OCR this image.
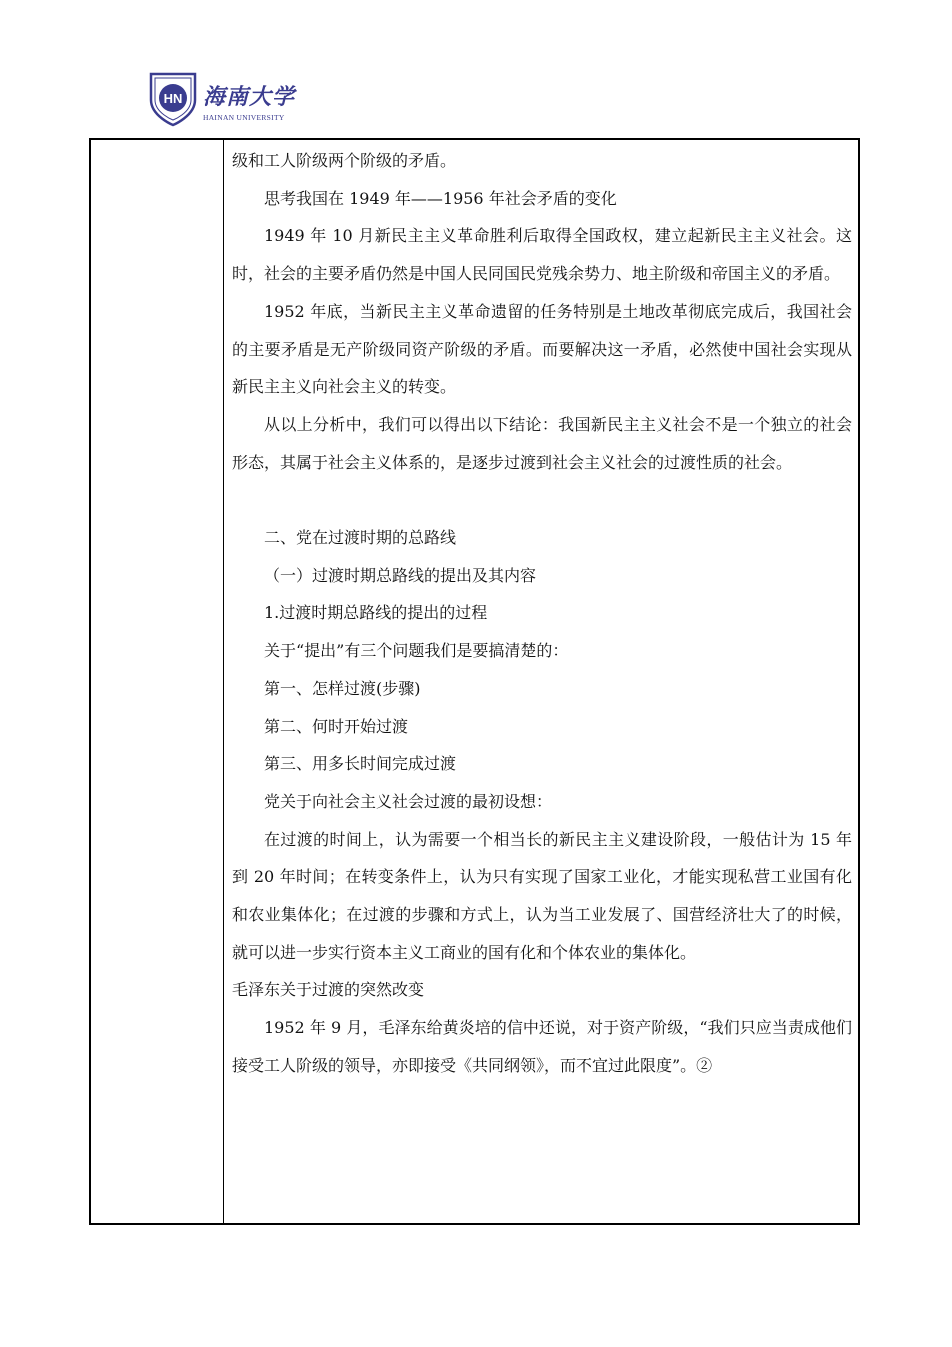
HN 海南大学
HAINAN UNIVERSITY

级和工人阶级两个阶级的矛盾。

思考我国在 1949 年——1956 年社会矛盾的变化

1949 年 10 月新民主主义革命胜利后取得全国政权，建立起新民主主义社会。这时，社会的主要矛盾仍然是中国人民同国民党残余势力、地主阶级和帝国主义的矛盾。

1952 年底，当新民主主义革命遗留的任务特别是土地改革彻底完成后，我国社会的主要矛盾是无产阶级同资产阶级的矛盾。而要解决这一矛盾，必然使中国社会实现从新民主主义向社会主义的转变。

从以上分析中，我们可以得出以下结论：我国新民主主义社会不是一个独立的社会形态，其属于社会主义体系的，是逐步过渡到社会主义社会的过渡性质的社会。

二、党在过渡时期的总路线

（一）过渡时期总路线的提出及其内容

1.过渡时期总路线的提出的过程

关于“提出”有三个问题我们是要搞清楚的：

第一、怎样过渡(步骤)

第二、何时开始过渡

第三、用多长时间完成过渡

党关于向社会主义社会过渡的最初设想：

在过渡的时间上，认为需要一个相当长的新民主主义建设阶段，一般估计为 15 年到 20 年时间；在转变条件上，认为只有实现了国家工业化，才能实现私营工业国有化和农业集体化；在过渡的步骤和方式上，认为当工业发展了、国营经济壮大了的时候，就可以进一步实行资本主义工商业的国有化和个体农业的集体化。

毛泽东关于过渡的突然改变

1952 年 9 月，毛泽东给黄炎培的信中还说，对于资产阶级，“我们只应当责成他们接受工人阶级的领导，亦即接受《共同纲领》，而不宜过此限度”。②
